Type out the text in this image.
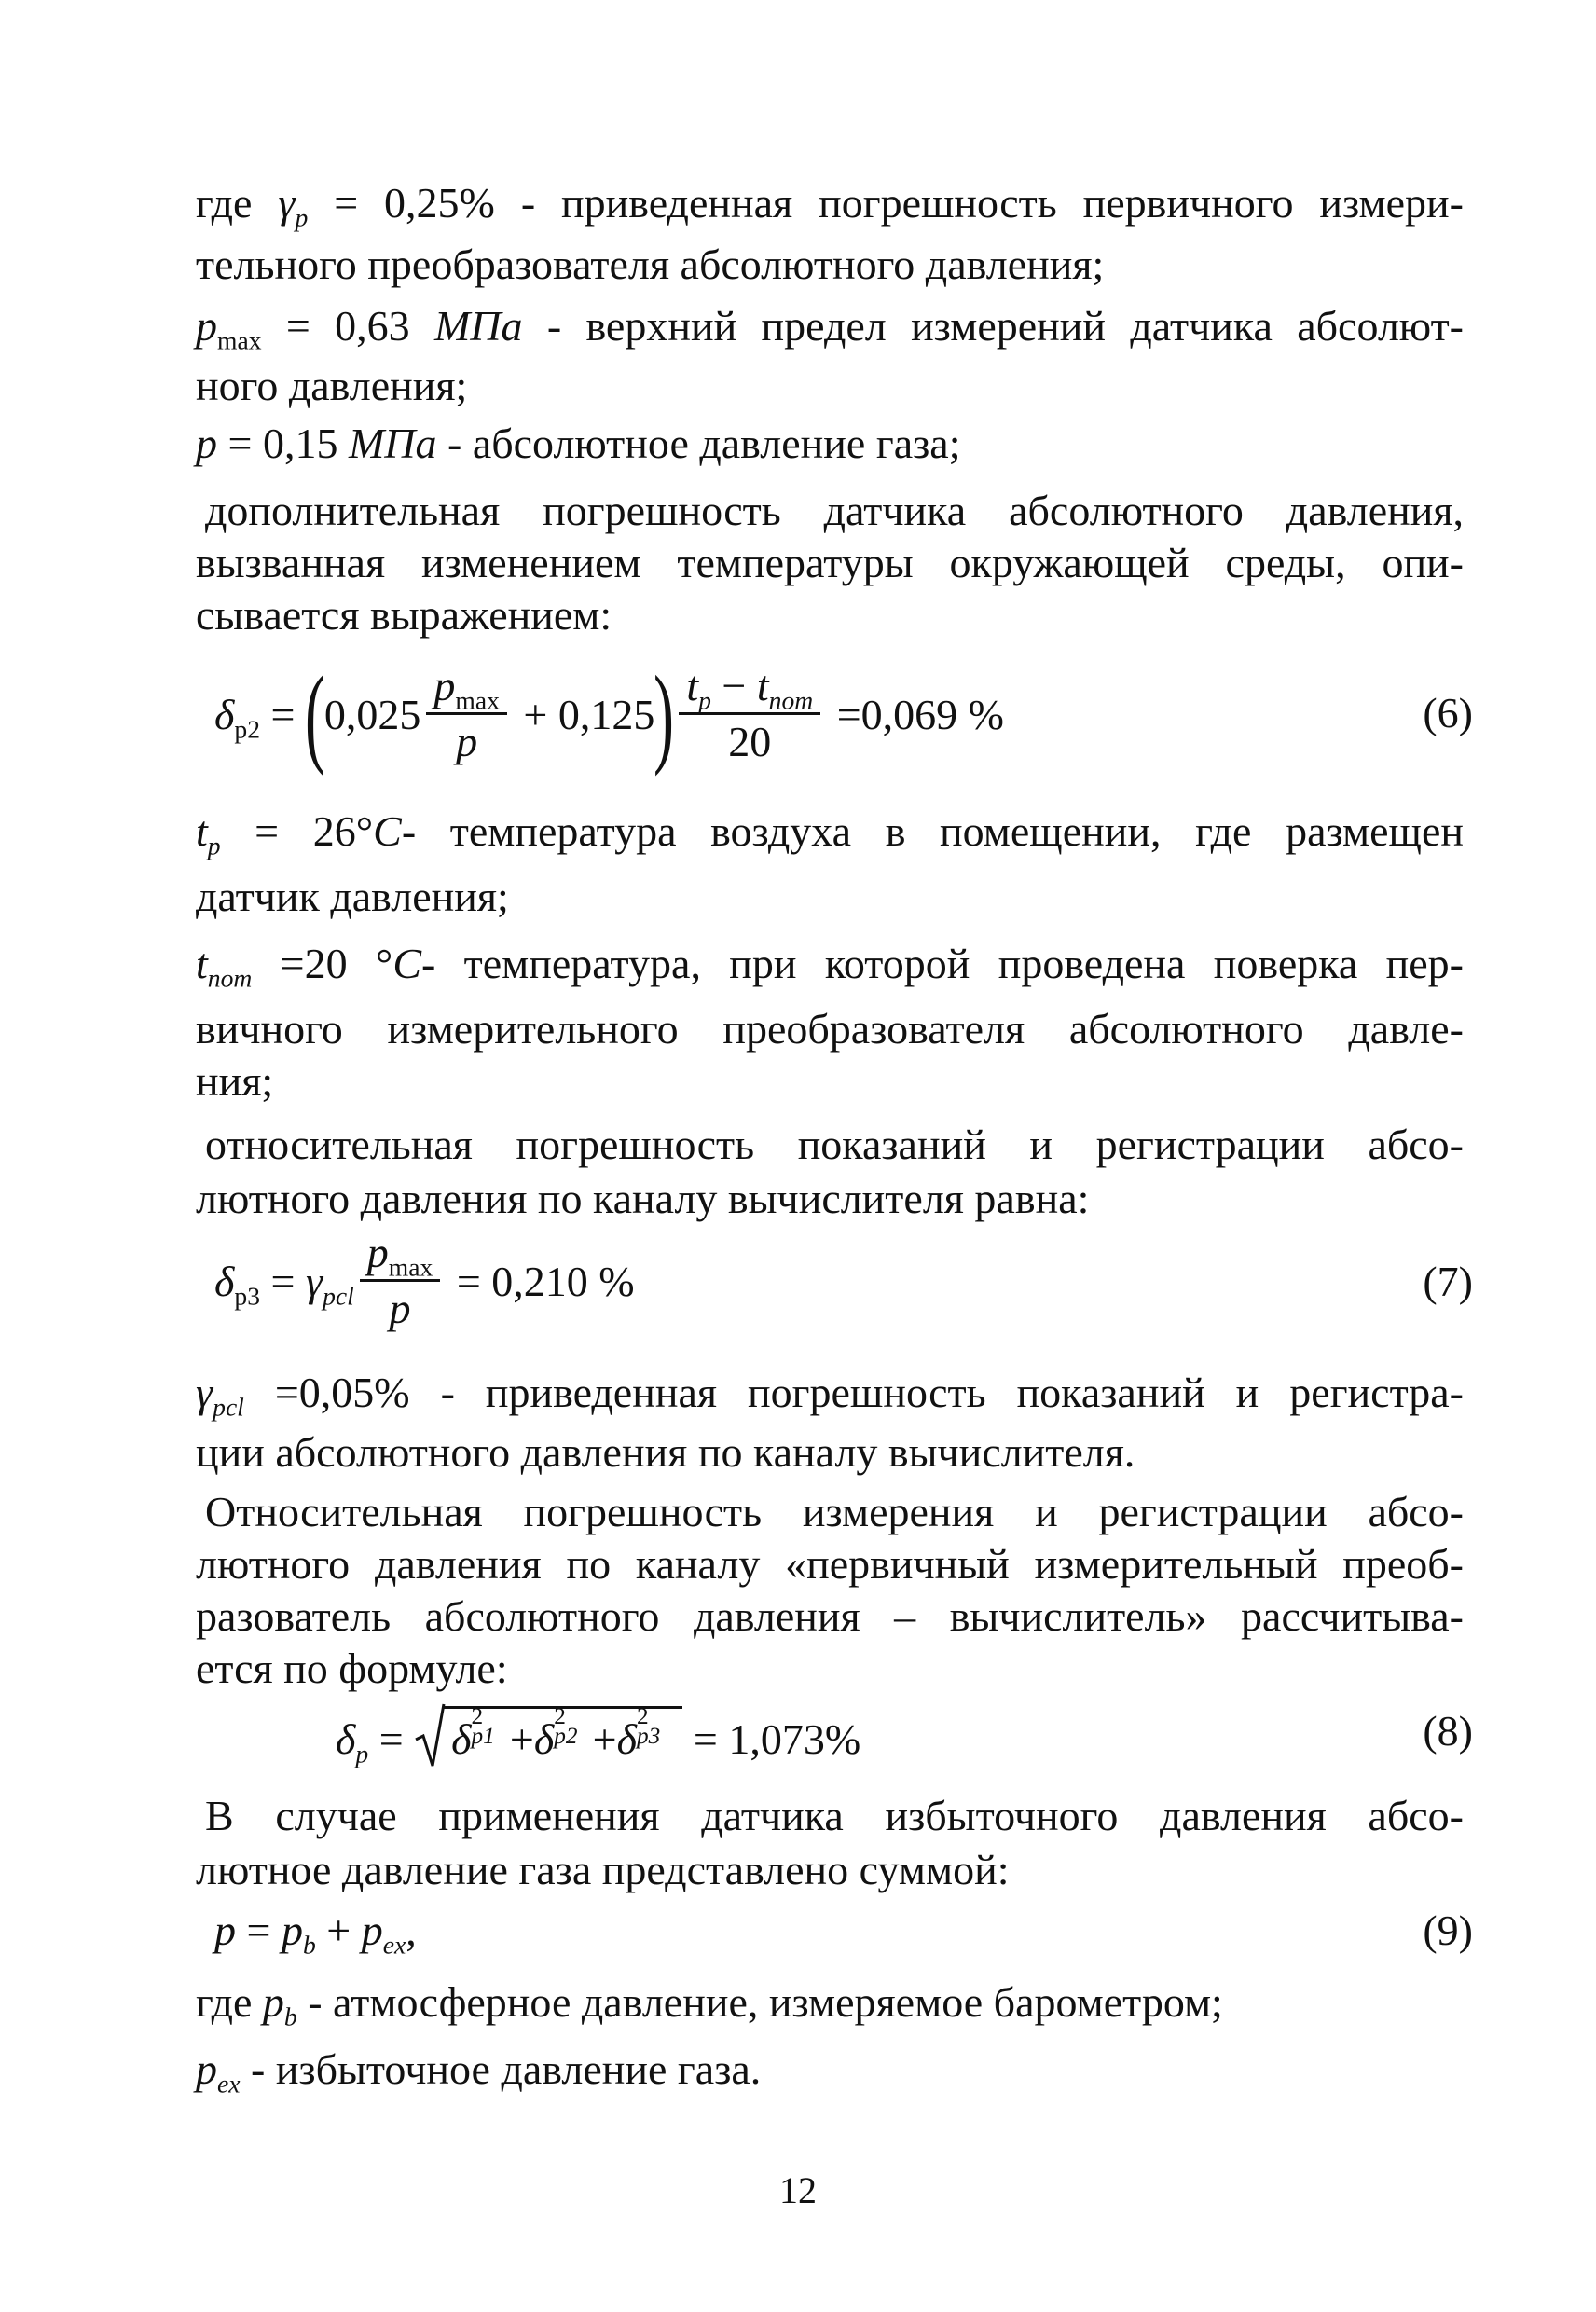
где $\gamma_p = 0,25\%$ - приведенная погрешность первичного измери-
тельного преобразователя абсолютного давления;
$p_{max} = 0,63$ МПа - верхний предел измерений датчика абсолют-
ного давления;
p = 0,15 МПа - абсолютное давление газа;
дополнительная погрешность датчика абсолютного давления,
вызванная изменением температуры окружающей среды, опи-
сывается выражением:
$\delta_{p2} = (0,025 \frac{p_{max}}{p} + 0,125) \frac{t_p - t_{nom}}{20} =0,069$ %	(6)
$t_p = 26^\circ C-$ температура воздуха в помещении, где размещен
датчик давления;
$t_{nom} =20$ °C- температура, при которой проведена поверка пер-
вичного измерительного преобразователя абсолютного давле-
ния;
относительная погрешность показаний и регистрации абсо-
лютного давления по каналу вычислителя равна:
$\delta_{p3} = \gamma_{pcl} \frac{p_{max}}{p} = 0,210$ %	(7)
$\gamma_{pcl} =0,05\%$ - приведенная погрешность показаний и регистра-
ции абсолютного давления по каналу вычислителя.
Относительная погрешность измерения и регистрации абсо-
лютного давления по каналу «первичный измерительный преоб-
разователь абсолютного давления – вычислитель» рассчитыва-
ется по формуле:
$\delta_p$ =
δ 2
p1 +δ 2
p2 +δ 2
p3 = 1,073%	(8)
В случае применения датчика избыточного давления абсо-
лютное давление газа представлено суммой:
$p = p_b + p_{ex}$,	(9)
где $p_b$ - атмосферное давление, измеряемое барометром;
$p_{ex}$ - избыточное давление газа.
12
